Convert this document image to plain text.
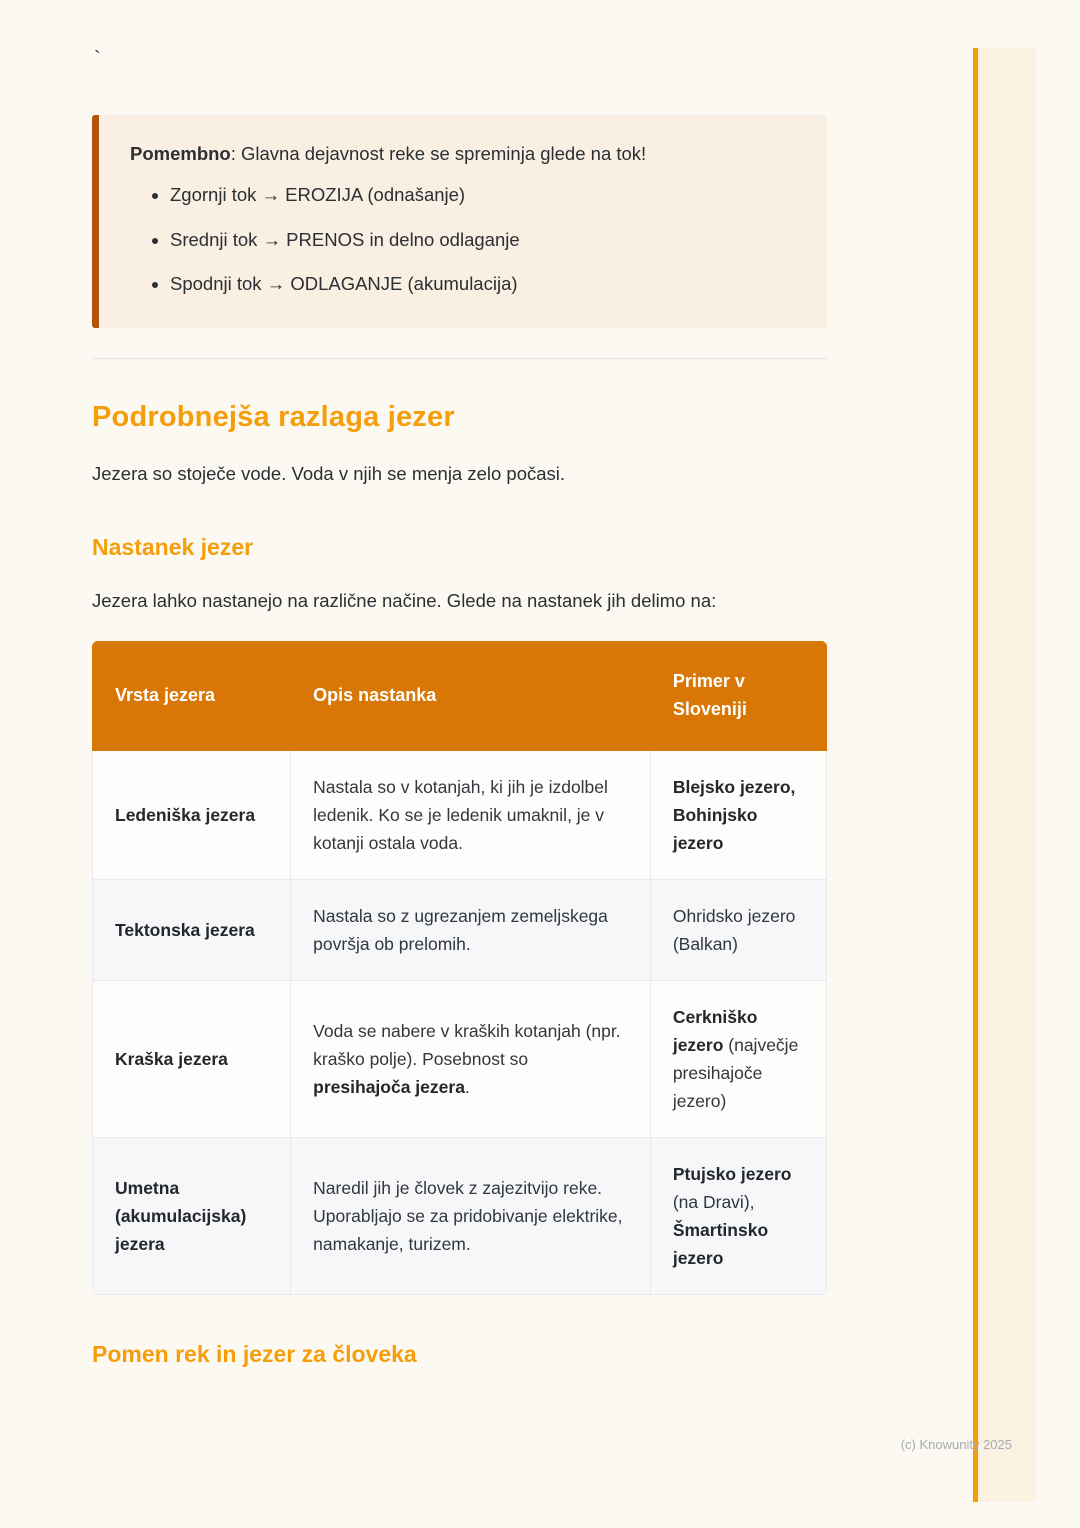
`

Pomembno: Glavna dejavnost reke se spreminja glede na tok!

• Zgornji tok → EROZIJA (odnašanje)
• Srednji tok → PRENOS in delno odlaganje
• Spodnji tok → ODLAGANJE (akumulacija)
Podrobnejša razlaga jezer

Jezera so stoječe vode. Voda v njih se menja zelo počasi.

Nastanek jezer

Jezera lahko nastanejo na različne načine. Glede na nastanek jih delimo na:

Vrsta jezera	Opis nastanka	Primer v Sloveniji
Ledeniška jezera	Nastala so v kotanjah, ki jih je izdolbel ledenik. Ko se je ledenik umaknil, je v kotanji ostala voda.	Blejsko jezero, Bohinjsko jezero
Tektonska jezera	Nastala so z ugrezanjem zemeljskega površja ob prelomih.	Ohridsko jezero (Balkan)
Kraška jezera	Voda se nabere v kraških kotanjah (npr. kraško polje). Posebnost so presihajoča jezera.	Cerkniško jezero (največje presihajoče jezero)
Umetna (akumulacijska) jezera	Naredil jih je človek z zajezitvijo reke. Uporabljajo se za pridobivanje elektrike, namakanje, turizem.	Ptujsko jezero (na Dravi), Šmartinsko jezero
Pomen rek in jezer za človeka
(c) Knowunity 2025
